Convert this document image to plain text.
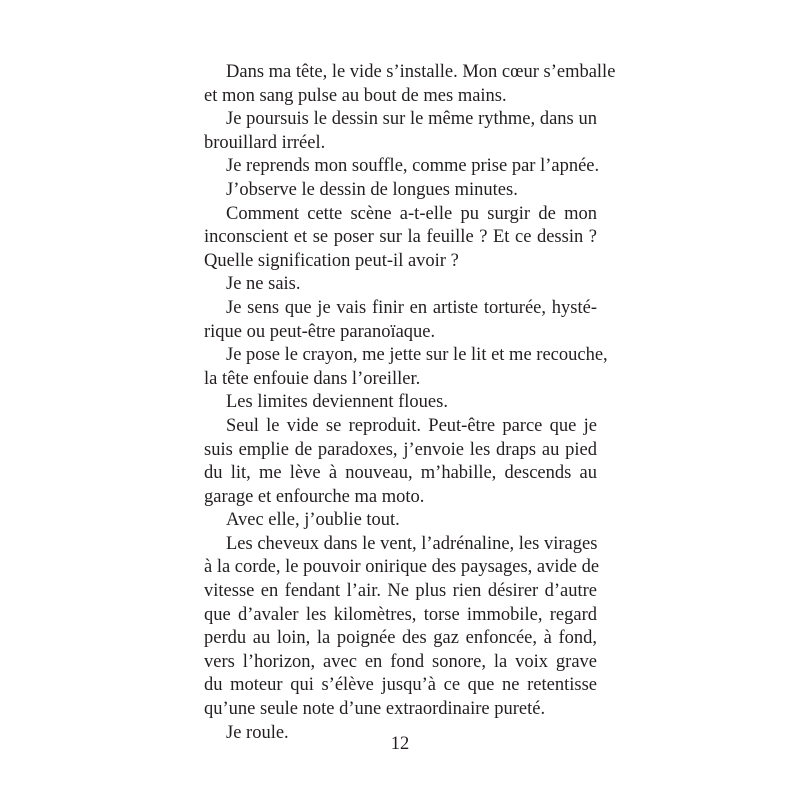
Dans ma tête, le vide s’installe. Mon cœur s’emballe
et mon sang pulse au bout de mes mains.
Je poursuis le dessin sur le même rythme, dans un
brouillard irréel.
Je reprends mon souffle, comme prise par l’apnée.
J’observe le dessin de longues minutes.
Comment cette scène a-t-elle pu surgir de mon
inconscient et se poser sur la feuille ? Et ce dessin ?
Quelle signification peut-il avoir ?
Je ne sais.
Je sens que je vais finir en artiste torturée, hysté-
rique ou peut-être paranoïaque.
Je pose le crayon, me jette sur le lit et me recouche,
la tête enfouie dans l’oreiller.
Les limites deviennent floues.
Seul le vide se reproduit. Peut-être parce que je
suis emplie de paradoxes, j’envoie les draps au pied
du lit, me lève à nouveau, m’habille, descends au
garage et enfourche ma moto.
Avec elle, j’oublie tout.
Les cheveux dans le vent, l’adrénaline, les virages
à la corde, le pouvoir onirique des paysages, avide de
vitesse en fendant l’air. Ne plus rien désirer d’autre
que d’avaler les kilomètres, torse immobile, regard
perdu au loin, la poignée des gaz enfoncée, à fond,
vers l’horizon, avec en fond sonore, la voix grave
du moteur qui s’élève jusqu’à ce que ne retentisse
qu’une seule note d’une extraordinaire pureté.
Je roule.
12
